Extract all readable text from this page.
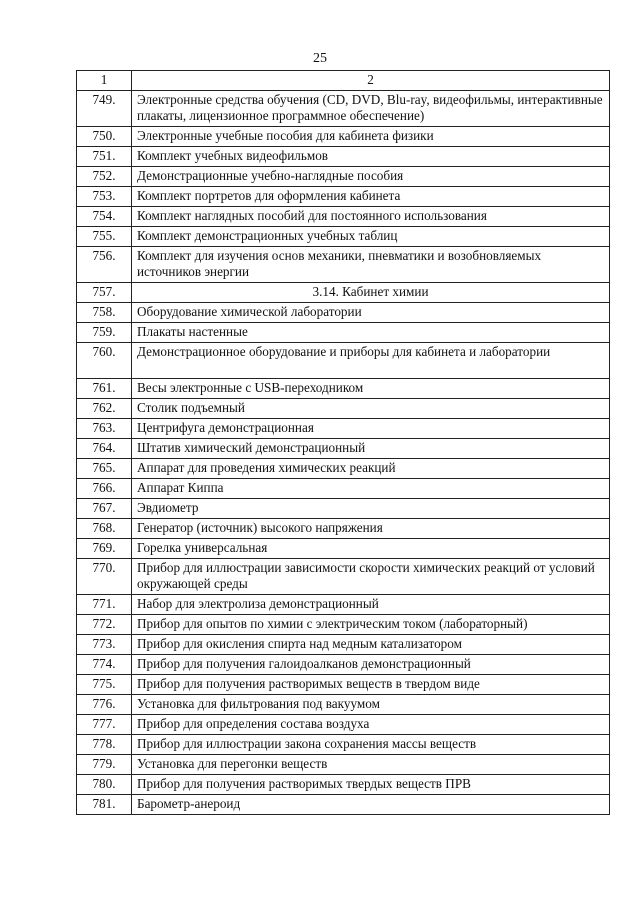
25
1	2
749.	Электронные средства обучения (CD, DVD, Blu-ray, видеофильмы, интерактивные плакаты, лицензионное программное обеспечение)
750.	Электронные учебные пособия для кабинета физики
751.	Комплект учебных видеофильмов
752.	Демонстрационные учебно-наглядные пособия
753.	Комплект портретов для оформления кабинета
754.	Комплект наглядных пособий для постоянного использования
755.	Комплект демонстрационных учебных таблиц
756.	Комплект для изучения основ механики, пневматики и возобновляемых источников энергии
757.	3.14. Кабинет химии
758.	Оборудование химической лаборатории
759.	Плакаты настенные
760.	Демонстрационное оборудование и приборы для кабинета и лаборатории
761.	Весы электронные с USB-переходником
762.	Столик подъемный
763.	Центрифуга демонстрационная
764.	Штатив химический демонстрационный
765.	Аппарат для проведения химических реакций
766.	Аппарат Киппа
767.	Эвдиометр
768.	Генератор (источник) высокого напряжения
769.	Горелка универсальная
770.	Прибор для иллюстрации зависимости скорости химических реакций от условий окружающей среды
771.	Набор для электролиза демонстрационный
772.	Прибор для опытов по химии с электрическим током (лабораторный)
773.	Прибор для окисления спирта над медным катализатором
774.	Прибор для получения галоидоалканов демонстрационный
775.	Прибор для получения растворимых веществ в твердом виде
776.	Установка для фильтрования под вакуумом
777.	Прибор для определения состава воздуха
778.	Прибор для иллюстрации закона сохранения массы веществ
779.	Установка для перегонки веществ
780.	Прибор для получения растворимых твердых веществ ПРВ
781.	Барометр-анероид
